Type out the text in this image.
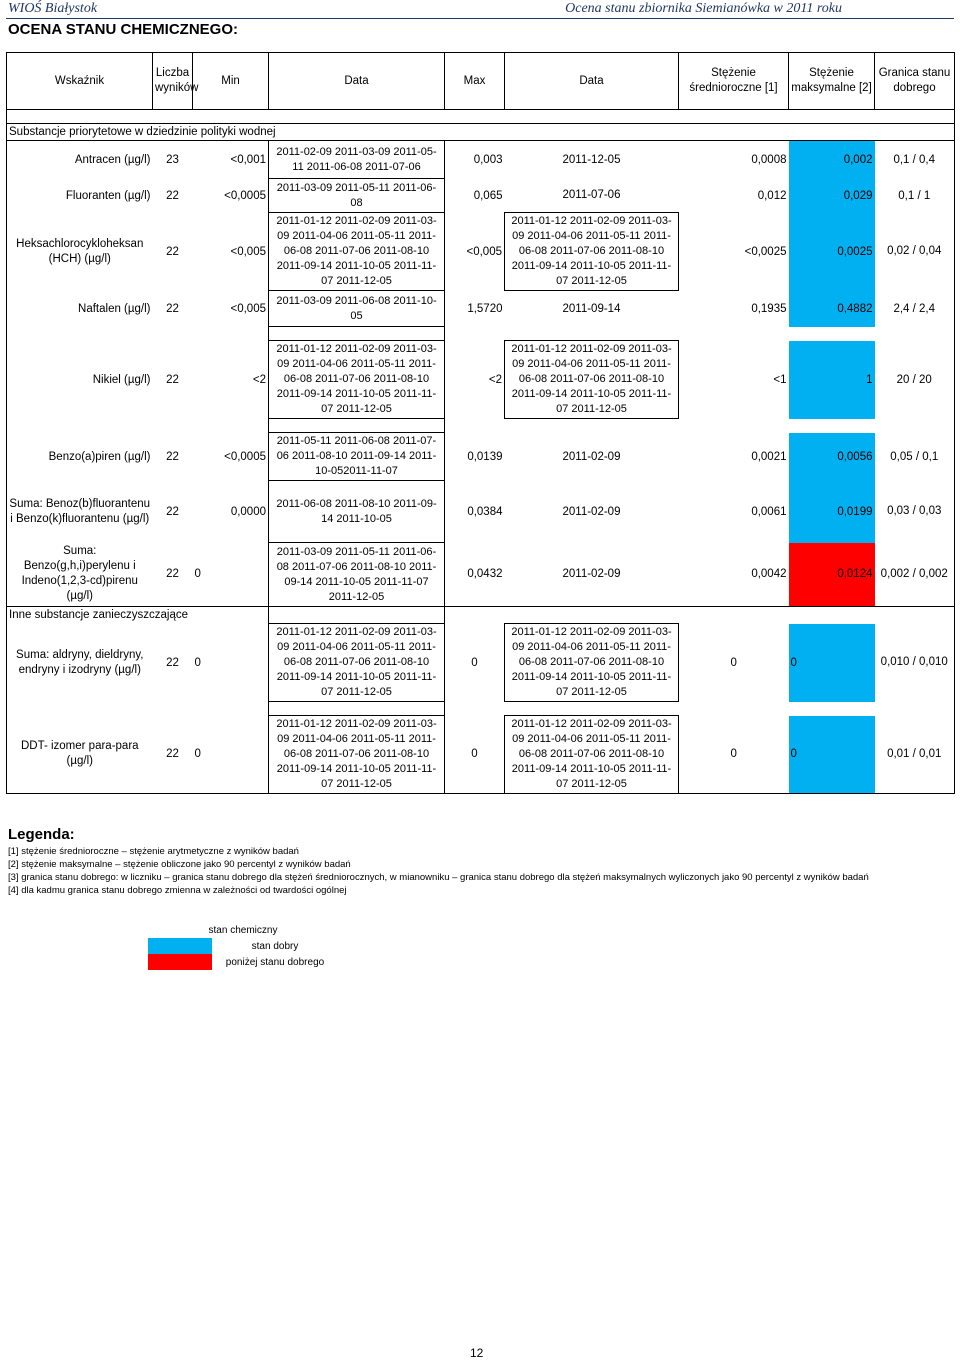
WIOŚ Białystok	Ocena stanu zbiornika Siemianówka w 2011 roku
OCENA STANU CHEMICZNEGO:
Wskaźnik	Liczba wyników	Min	Data	Max	Data	Stężenie średnioroczne [1]	Stężenie maksymalne [2]	Granica stanu dobrego

Substancje priorytetowe w dziedzinie polityki wodnej								
Antracen (µg/l)	23	<0,001	2011-02-09 2011-03-09 2011-05-11 2011-06-08 2011-07-06	0,003	2011-12-05	0,0008	0,002	0,1 / 0,4
Fluoranten (µg/l)	22	<0,0005	2011-03-09 2011-05-11 2011-06-08	0,065	2011-07-06	0,012	0,029	0,1 / 1
Heksachlorocykloheksan (HCH) (µg/l)	22	<0,005	2011-01-12 2011-02-09 2011-03-09 2011-04-06 2011-05-11 2011-06-08 2011-07-06 2011-08-10 2011-09-14 2011-10-05 2011-11-07 2011-12-05	<0,005	2011-01-12 2011-02-09 2011-03-09 2011-04-06 2011-05-11 2011-06-08 2011-07-06 2011-08-10 2011-09-14 2011-10-05 2011-11-07 2011-12-05	<0,0025	0,0025	0,02 / 0,04
Naftalen (µg/l)	22	<0,005	2011-03-09 2011-06-08 2011-10-05	1,5720	2011-09-14	0,1935	0,4882	2,4 / 2,4

Nikiel (µg/l)	22	<2	2011-01-12 2011-02-09 2011-03-09 2011-04-06 2011-05-11 2011-06-08 2011-07-06 2011-08-10 2011-09-14 2011-10-05 2011-11-07 2011-12-05	<2	2011-01-12 2011-02-09 2011-03-09 2011-04-06 2011-05-11 2011-06-08 2011-07-06 2011-08-10 2011-09-14 2011-10-05 2011-11-07 2011-12-05	<1	1	20 / 20

Benzo(a)piren (µg/l)	22	<0,0005	2011-05-11 2011-06-08 2011-07-06 2011-08-10 2011-09-14 2011-10-052011-11-07	0,0139	2011-02-09	0,0021	0,0056	0,05 / 0,1
Suma: Benoz(b)fluorantenu i Benzo(k)fluorantenu (µg/l)	22	0,0000	2011-06-08 2011-08-10 2011-09-14 2011-10-05	0,0384	2011-02-09	0,0061	0,0199	0,03 / 0,03
Suma: Benzo(g,h,i)perylenu i Indeno(1,2,3-cd)pirenu (µg/l)	22	0	2011-03-09 2011-05-11 2011-06-08 2011-07-06 2011-08-10 2011-09-14 2011-10-05 2011-11-07 2011-12-05	0,0432	2011-02-09	0,0042	0,0124	0,002 / 0,002
Inne substancje zanieczyszczające								
Suma: aldryny, dieldryny, endryny i izodryny (µg/l)	22	0	2011-01-12 2011-02-09 2011-03-09 2011-04-06 2011-05-11 2011-06-08 2011-07-06 2011-08-10 2011-09-14 2011-10-05 2011-11-07 2011-12-05	0	2011-01-12 2011-02-09 2011-03-09 2011-04-06 2011-05-11 2011-06-08 2011-07-06 2011-08-10 2011-09-14 2011-10-05 2011-11-07 2011-12-05	0	0	0,010 / 0,010

DDT- izomer para-para (µg/l)	22	0	2011-01-12 2011-02-09 2011-03-09 2011-04-06 2011-05-11 2011-06-08 2011-07-06 2011-08-10 2011-09-14 2011-10-05 2011-11-07 2011-12-05	0	2011-01-12 2011-02-09 2011-03-09 2011-04-06 2011-05-11 2011-06-08 2011-07-06 2011-08-10 2011-09-14 2011-10-05 2011-11-07 2011-12-05	0	0	0,01 / 0,01
Legenda:
[1] stężenie średnioroczne – stężenie arytmetyczne z wyników badań
[2] stężenie maksymalne – stężenie obliczone jako 90 percentyl z wyników badań
[3] granica stanu dobrego: w liczniku – granica stanu dobrego dla stężeń średniorocznych, w mianowniku – granica stanu dobrego dla stężeń maksymalnych wyliczonych jako 90 percentyl z wyników badań
[4] dla kadmu granica stanu dobrego zmienna w zależności od twardości ogólnej
stan chemiczny	
	stan dobry
	poniżej stanu dobrego
12
